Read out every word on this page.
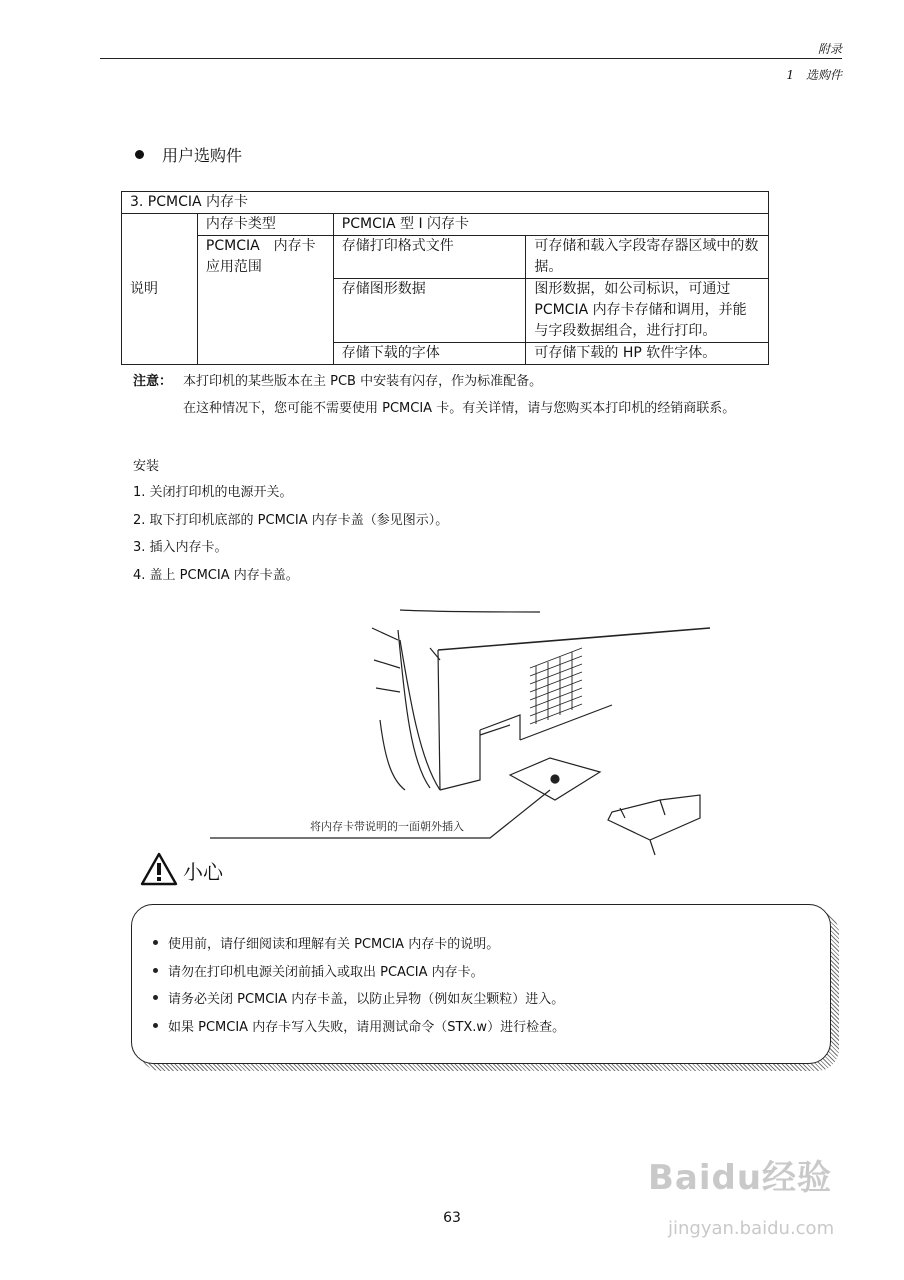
附录
1　选购件
用户选购件
3. PCMCIA 内存卡			
说明	内存卡类型	PCMCIA 型 I 闪存卡	
	PCMCIA　内存卡应用范围	存储打印格式文件	可存储和载入字段寄存器区域中的数据。
		存储图形数据	图形数据，如公司标识，可通过 PCMCIA 内存卡存储和调用，并能与字段数据组合，进行打印。

		存储下载的字体	可存储下载的 HP 软件字体。
注意： 本打印机的某些版本在主 PCB 中安装有闪存，作为标准配备。
在这种情况下，您可能不需要使用 PCMCIA 卡。有关详情，请与您购买本打印机的经销商联系。
安装
1. 关闭打印机的电源开关。
2. 取下打印机底部的 PCMCIA 内存卡盖（参见图示）。
3. 插入内存卡。
4. 盖上 PCMCIA 内存卡盖。
将内存卡带说明的一面朝外插入
小心
使用前，请仔细阅读和理解有关 PCMCIA 内存卡的说明。
请勿在打印机电源关闭前插入或取出 PCACIA 内存卡。
请务必关闭 PCMCIA 内存卡盖，以防止异物（例如灰尘颗粒）进入。
如果 PCMCIA 内存卡写入失败，请用测试命令（STX.w）进行检查。
63
Baidu经验
jingyan.baidu.com
